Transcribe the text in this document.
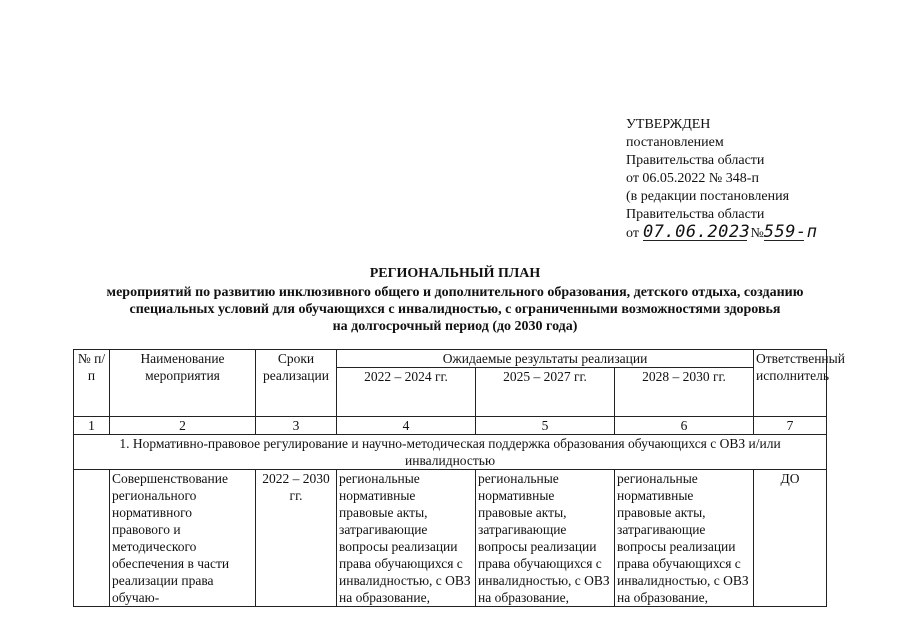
УТВЕРЖДЕН
постановлением
Правительства области
от 06.05.2022 № 348-п
(в редакции постановления
Правительства области
от 07.06.2023 №559-п
РЕГИОНАЛЬНЫЙ ПЛАН
мероприятий по развитию инклюзивного общего и дополнительного образования, детского отдыха, созданию
специальных условий для обучающихся с инвалидностью, с ограниченными возможностями здоровья
на долгосрочный период (до 2030 года)
№ п/п	Наименование мероприятия	Сроки реализации	Ожидаемые результаты реализации			Ответственный исполнитель
			2022 – 2024 гг.	2025 – 2027 гг.	2028 – 2030 гг.	
1	2	3	4	5	6	7
1. Нормативно-правовое регулирование и научно-методическая поддержка образования обучающихся с ОВЗ и/или инвалидностью						
	Совершенствование регионального нормативного правового и методического обеспечения в части реализации права обучаю-	2022 – 2030 гг.	региональные нормативные правовые акты, затрагивающие вопросы реализации права обучающихся с инвалидностью, с ОВЗ на образование,	региональные нормативные правовые акты, затрагивающие вопросы реализации права обучающихся с инвалидностью, с ОВЗ на образование,	региональные нормативные правовые акты, затрагивающие вопросы реализации права обучающихся с инвалидностью, с ОВЗ на образование,	ДО
